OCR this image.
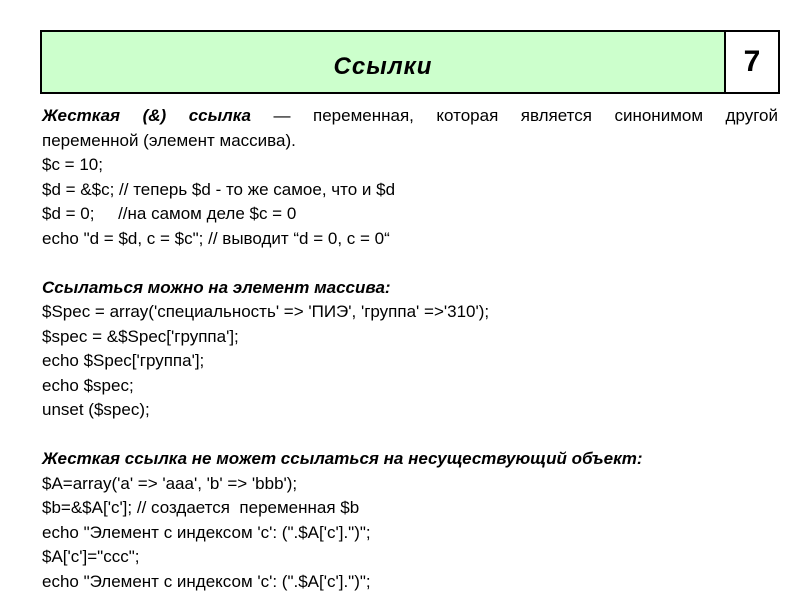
Ссылки	7
Жесткая (&) ссылка — переменная, которая является синонимом другой
переменной (элемент массива).
$c = 10;
$d = &$c; // теперь $d - то же самое, что и $d
$d = 0;     //на самом деле $c = 0
echo "d = $d, c = $c"; // выводит “d = 0, c = 0“
Ссылаться можно на элемент массива:
$Spec = array('специальность' => 'ПИЭ', 'группа' =>'310');
$spec = &$Spec['группа'];
echo $Spec['группа'];
echo $spec;
unset ($spec);
Жесткая ссылка не может ссылаться на несуществующий объект:
$A=array('a' => 'aaa', 'b' => 'bbb');
$b=&$A['c']; // создается  переменная $b
echo "Элемент с индексом 'с': (".$A['c'].")";
$A['c']="ccc";
echo "Элемент с индексом 'с': (".$A['c'].")";
